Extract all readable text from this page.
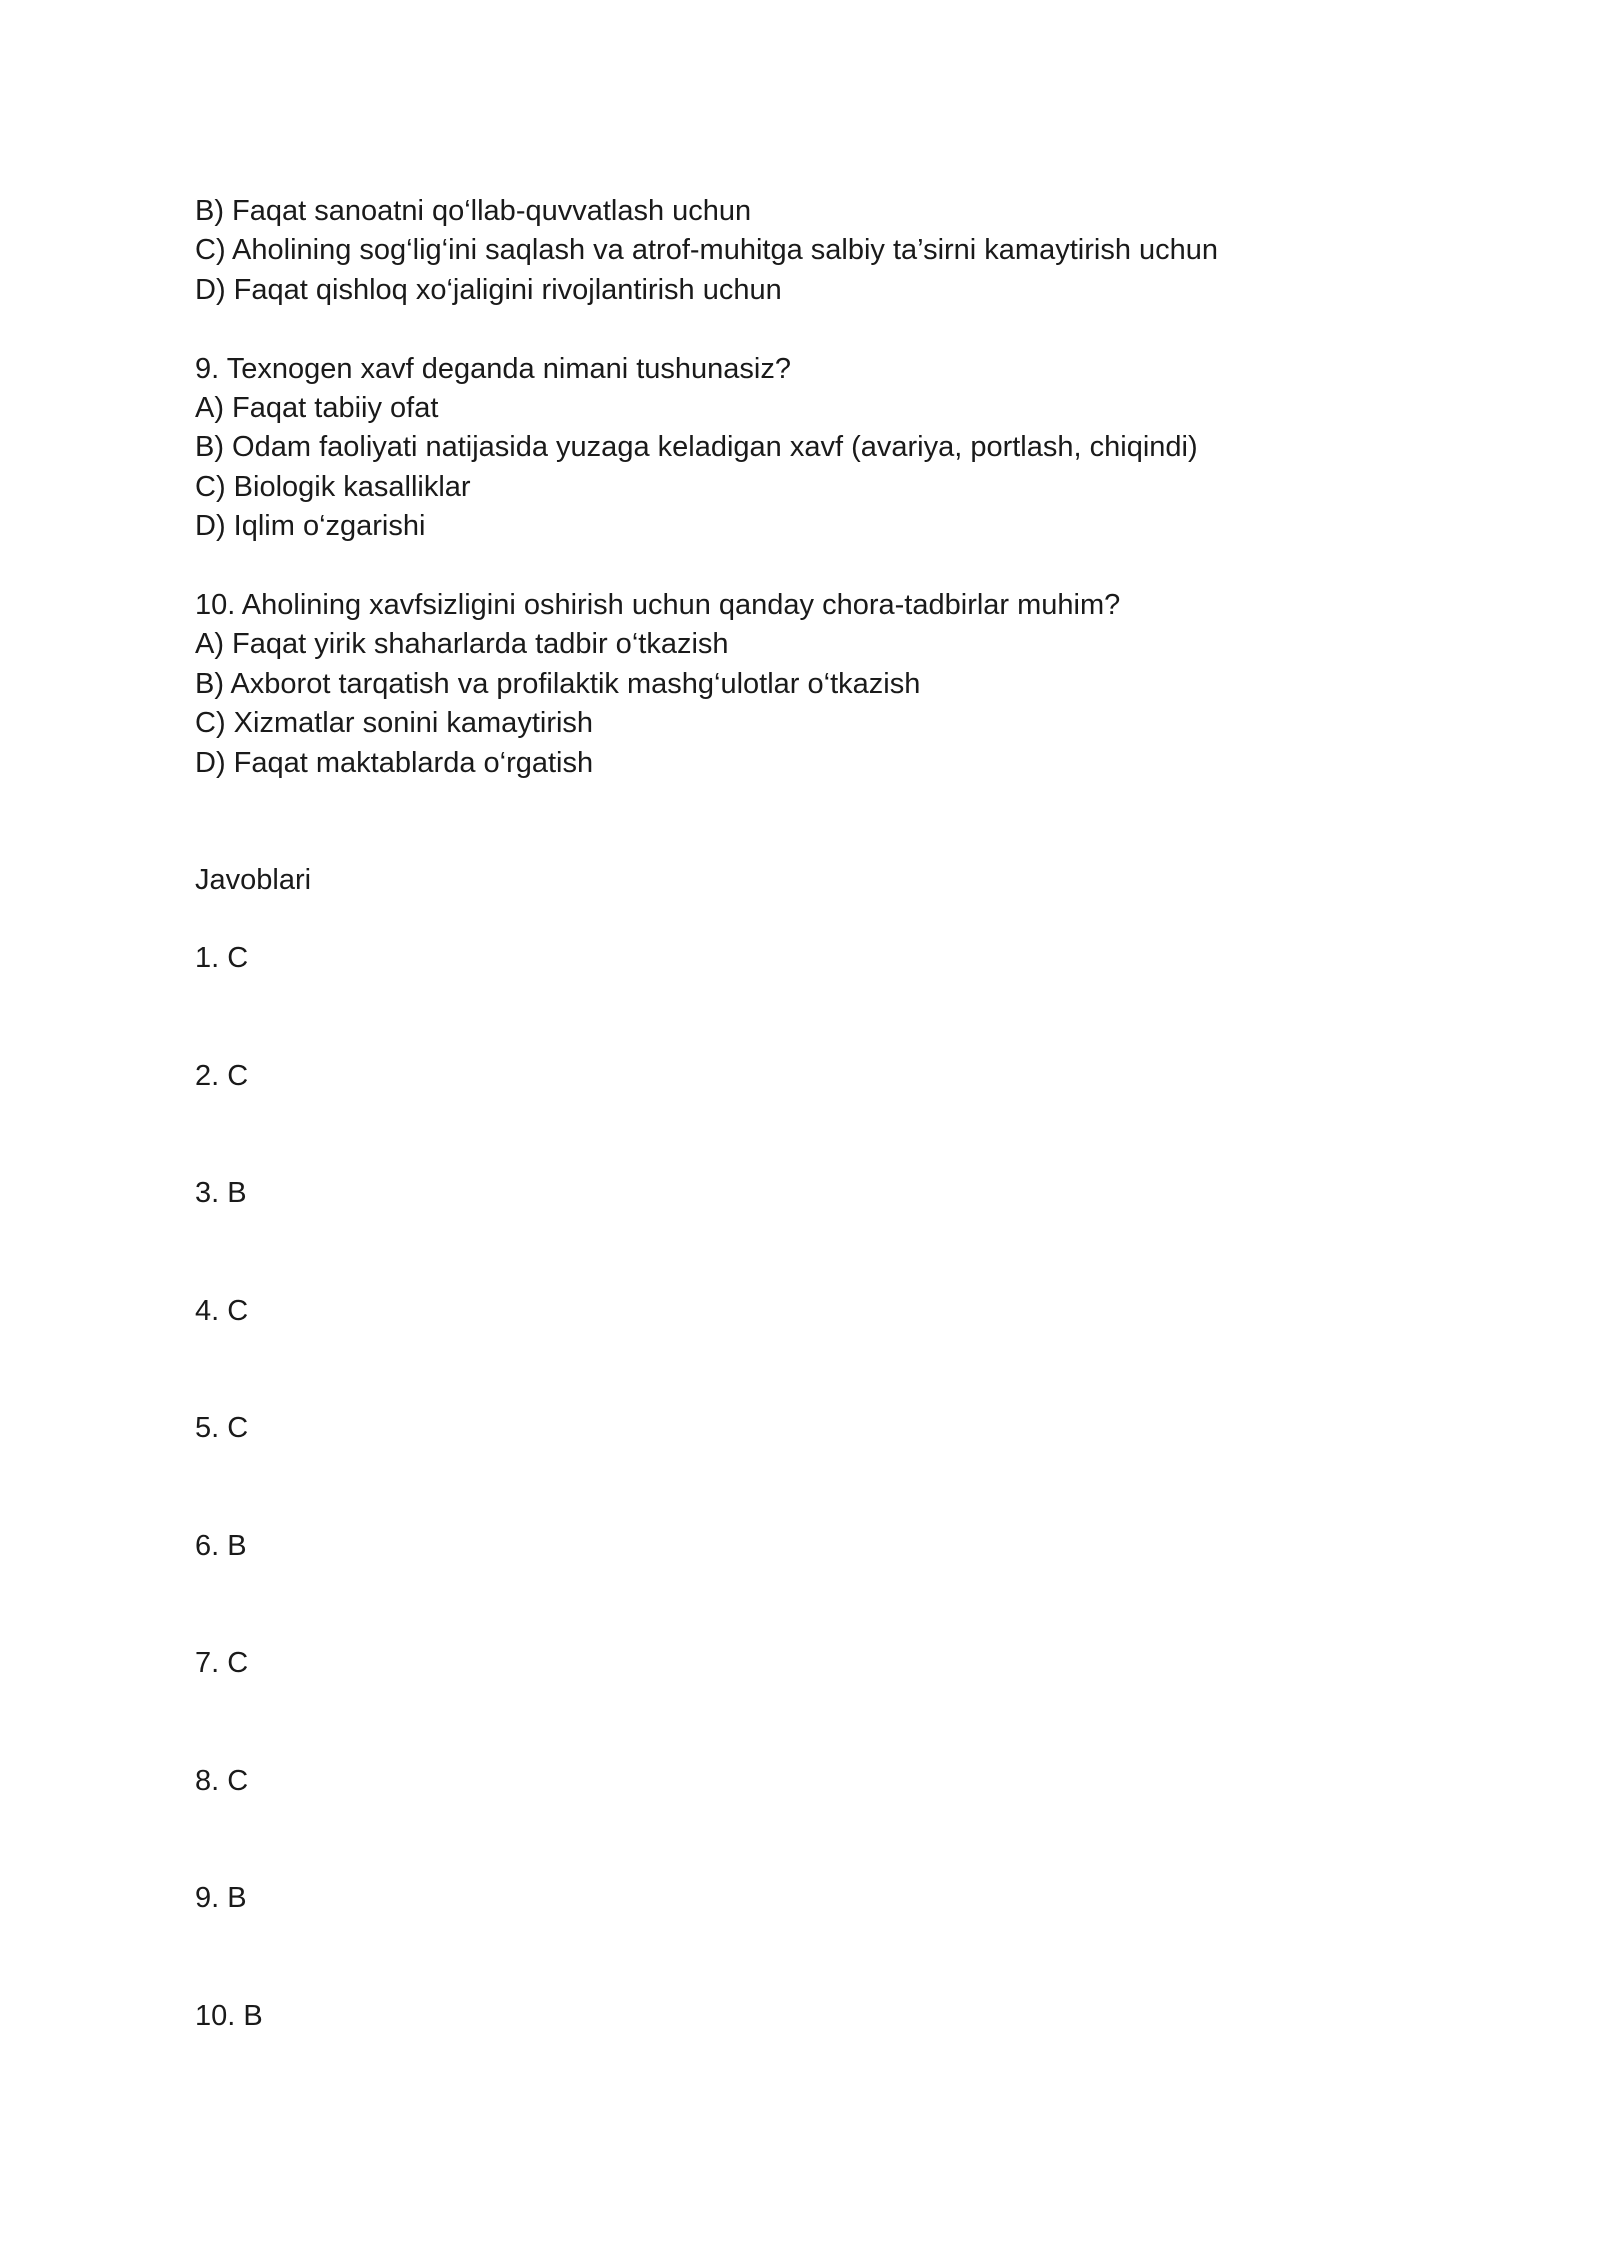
B) Faqat sanoatni qo‘llab-quvvatlash uchun
C) Aholining sog‘lig‘ini saqlash va atrof-muhitga salbiy ta’sirni kamaytirish uchun
D) Faqat qishloq xo‘jaligini rivojlantirish uchun
9. Texnogen xavf deganda nimani tushunasiz?
A) Faqat tabiiy ofat
B) Odam faoliyati natijasida yuzaga keladigan xavf (avariya, portlash, chiqindi)
C) Biologik kasalliklar
D) Iqlim o‘zgarishi
10. Aholining xavfsizligini oshirish uchun qanday chora-tadbirlar muhim?
A) Faqat yirik shaharlarda tadbir o‘tkazish
B) Axborot tarqatish va profilaktik mashg‘ulotlar o‘tkazish
C) Xizmatlar sonini kamaytirish
D) Faqat maktablarda o‘rgatish
Javoblari
1. C
2. C
3. B
4. C
5. C
6. B
7. C
8. C
9. B
10. B
